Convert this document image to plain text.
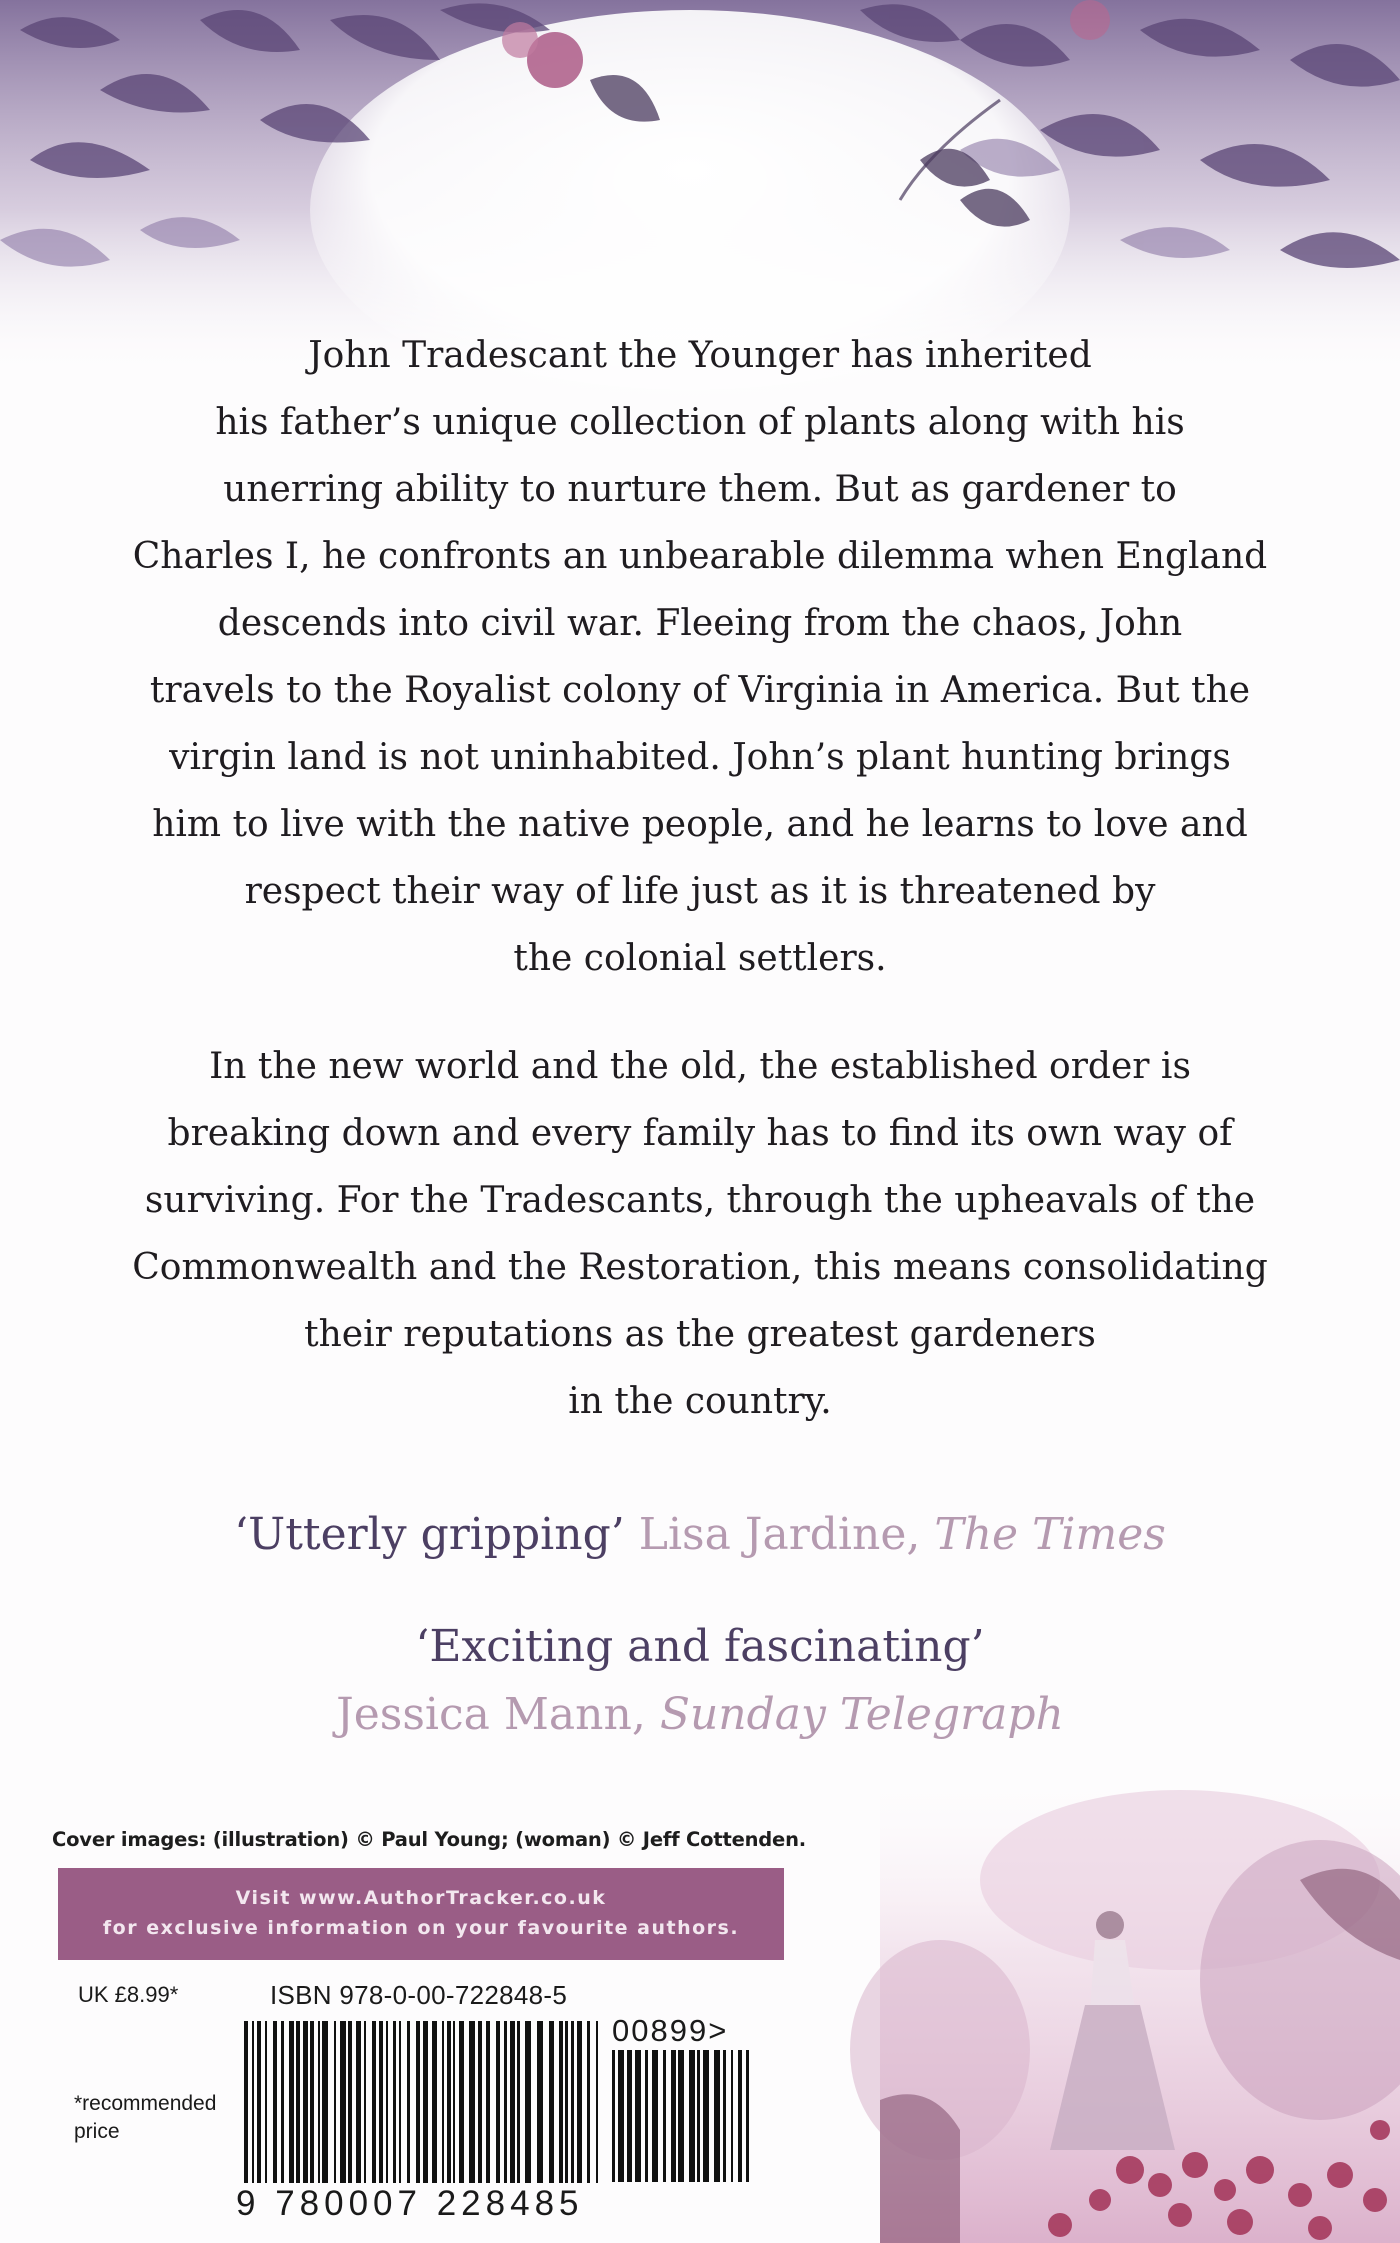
John Tradescant the Younger has inherited

his father’s unique collection of plants along with his

unerring ability to nurture them. But as gardener to

Charles I, he confronts an unbearable dilemma when England

descends into civil war. Fleeing from the chaos, John

travels to the Royalist colony of Virginia in America. But the

virgin land is not uninhabited. John’s plant hunting brings

him to live with the native people, and he learns to love and

respect their way of life just as it is threatened by

the colonial settlers.

In the new world and the old, the established order is

breaking down and every family has to find its own way of

surviving. For the Tradescants, through the upheavals of the

Commonwealth and the Restoration, this means consolidating

their reputations as the greatest gardeners

in the country.

‘Utterly gripping’ Lisa Jardine, The Times
‘Exciting and fascinating’
Jessica Mann, Sunday Telegraph
Cover images: (illustration) © Paul Young; (woman) © Jeff Cottenden.
Visit www.AuthorTracker.co.uk
for exclusive information on your favourite authors.
UK £8.99*	ISBN 978-0-00-722848-5
*recommended price
9 780007 228485
00899>
